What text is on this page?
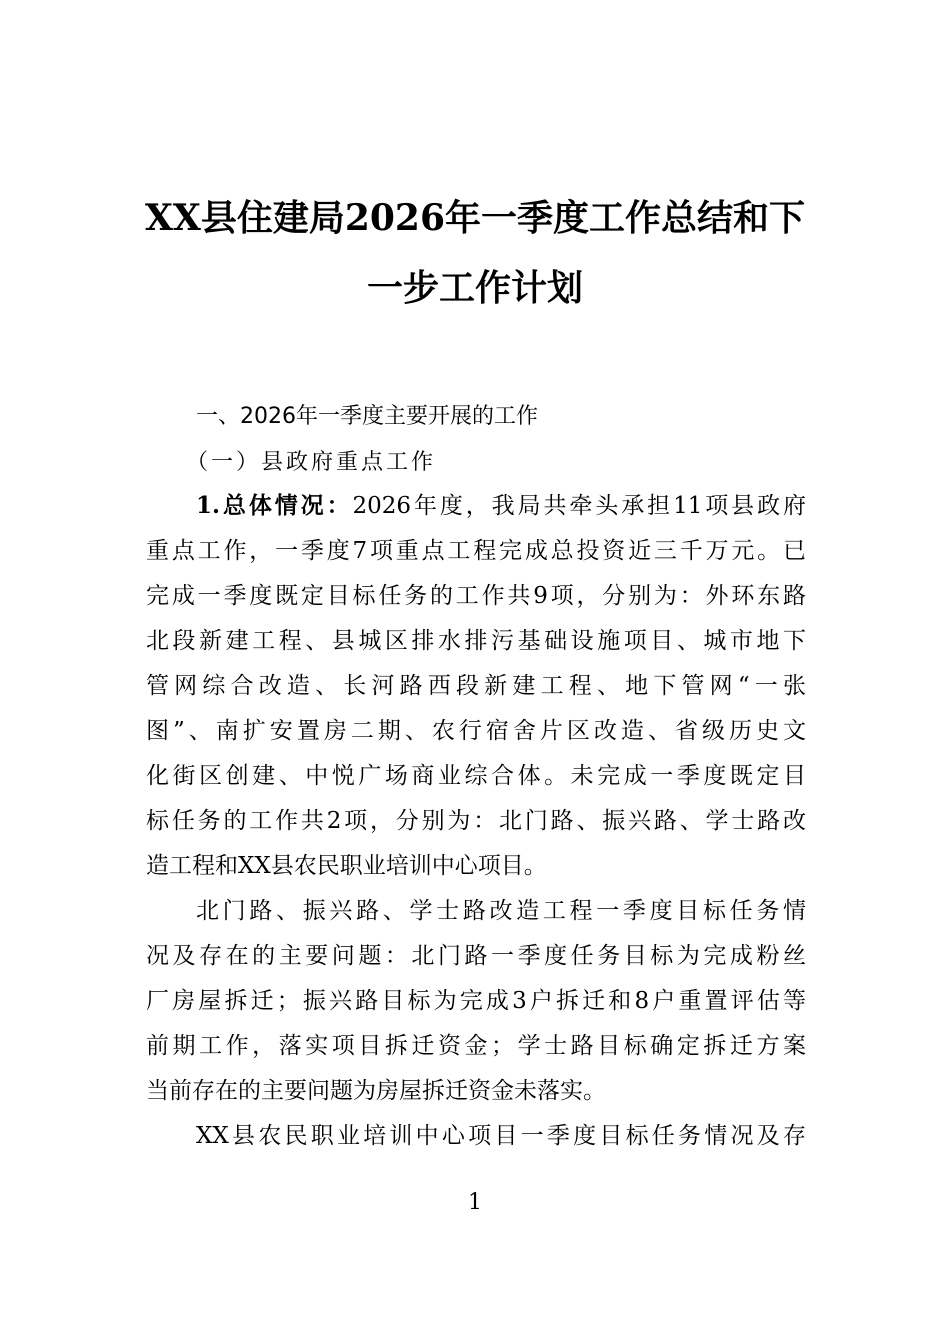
XX县住建局2026年一季度工作总结和下
一步工作计划
一、2026年一季度主要开展的工作
（一）县政府重点工作
1.总体情况：2026年度，我局共牵头承担11项县政府
重点工作，一季度7项重点工程完成总投资近三千万元。已
完成一季度既定目标任务的工作共9项，分别为：外环东路
北段新建工程、县城区排水排污基础设施项目、城市地下
管网综合改造、长河路西段新建工程、地下管网“一张
图”、南扩安置房二期、农行宿舍片区改造、省级历史文
化街区创建、中悦广场商业综合体。未完成一季度既定目
标任务的工作共2项，分别为：北门路、振兴路、学士路改
造工程和XX县农民职业培训中心项目。
北门路、振兴路、学士路改造工程一季度目标任务情
况及存在的主要问题：北门路一季度任务目标为完成粉丝
厂房屋拆迁；振兴路目标为完成3户拆迁和8户重置评估等
前期工作，落实项目拆迁资金；学士路目标确定拆迁方案
当前存在的主要问题为房屋拆迁资金未落实。
XX县农民职业培训中心项目一季度目标任务情况及存
1
